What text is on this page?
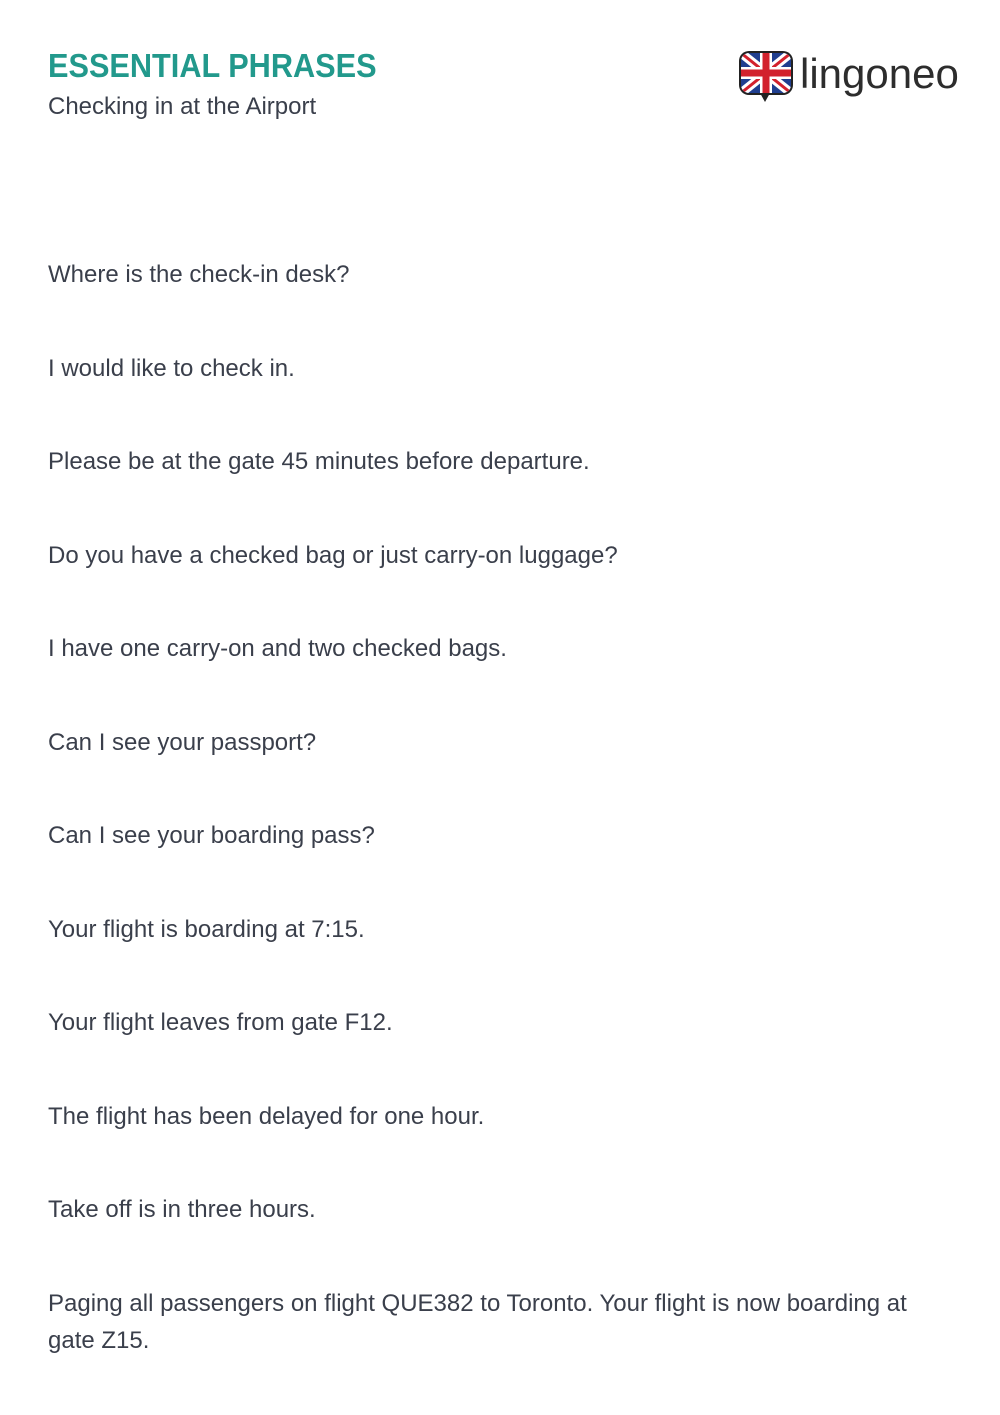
ESSENTIAL PHRASES

Checking in at the Airport

lingoneo
Where is the check-in desk?
I would like to check in.
Please be at the gate 45 minutes before departure.
Do you have a checked bag or just carry-on luggage?
I have one carry-on and two checked bags.
Can I see your passport?
Can I see your boarding pass?
Your flight is boarding at 7:15.
Your flight leaves from gate F12.
The flight has been delayed for one hour.
Take off is in three hours.
Paging all passengers on flight QUE382 to Toronto. Your flight is now boarding at gate Z15.
